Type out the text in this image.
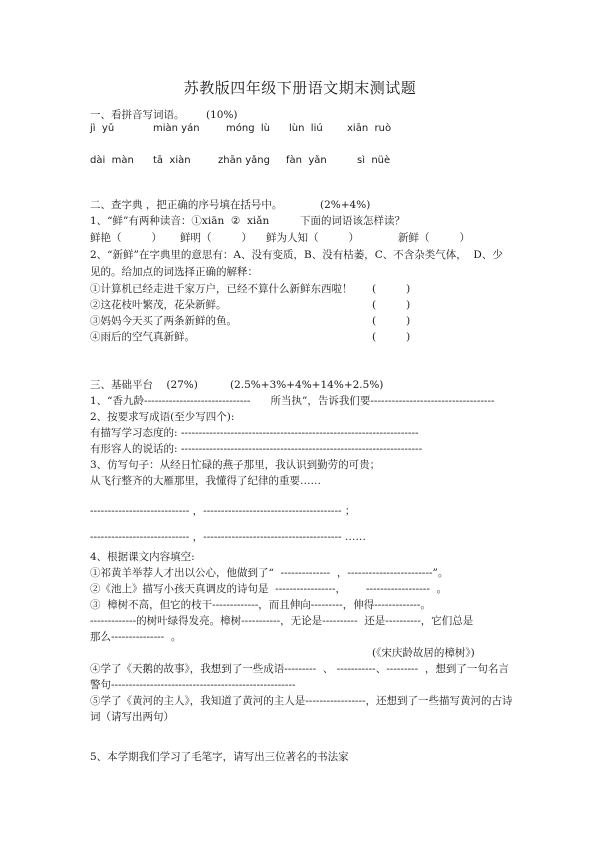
苏教版四年级下册语文期末测试题
一、看拼音写词语。 (10%)
jì  yǔ	miàn yán	móng  lù lùn  liú xiān  ruò
dài  màn tā  xiàn	zhān yǎng fàn  yǎn	sì  nüè
二、查字典 ，把正确的序号填在括号中。	(2%+4%)
1、“鲜”有两种读音：①xiān  ②  xiǎn	下面的词语该怎样读？
鲜艳（         ） 鲜明（         ） 鲜为人知（         ）	新鲜（         ）
2、“新鲜”在字典里的意思有：A、没有变质，B、没有枯萎，C、不含杂类气体，  D、少
见的。给加点的词选择正确的解释：
①计算机已经走进千家万户，已经不算什么新鲜东西啦！ (         )
②这花枝叶繁茂，花朵新鲜。	(         )
③妈妈今天买了两条新鲜的鱼。	(         )
④雨后的空气真新鲜。	(         )
三、基础平台    (27%)	(2.5%+3%+4%+14%+2.5%)
1、“香九龄------------------------------      所当执”，告诉我们要-----------------------------------
2、按要求写成语(至少写四个):
有描写学习态度的: -------------------------------------------------------------------
有形容人的说话的: --------------------------------------------------------------------
3、仿写句子：从经日忙碌的燕子那里，我认识到勤劳的可贵；
从飞行整齐的大雁那里，我懂得了纪律的重要……
---------------------------- ，--------------------------------------- ；
---------------------------- ，--------------------------------------- ……
4、根据课文内容填空:
①祁黄羊举荐人才出以公心，他做到了“  --------------  ，------------------------”。
②《池上》描写小孩天真调皮的诗句是  -----------------，      ------------------  。
③  樟树不高，但它的枝干-------------，而且伸向---------，伸得-------------。
-------------的树叶绿得发亮。樟树-----------，无论是----------  还是----------，它们总是
那么---------------  。
(《宋庆龄故居的樟树》)
④学了《天鹅的故事》，我想到了一些成语---------  、 -----------、---------  ，想到了一句名言
警句----------------------------------------------------
⑤学了《黄河的主人》，我知道了黄河的主人是-----------------，还想到了一些描写黄河的古诗
词（请写出两句）
5、本学期我们学习了毛笔字，请写出三位著名的书法家
